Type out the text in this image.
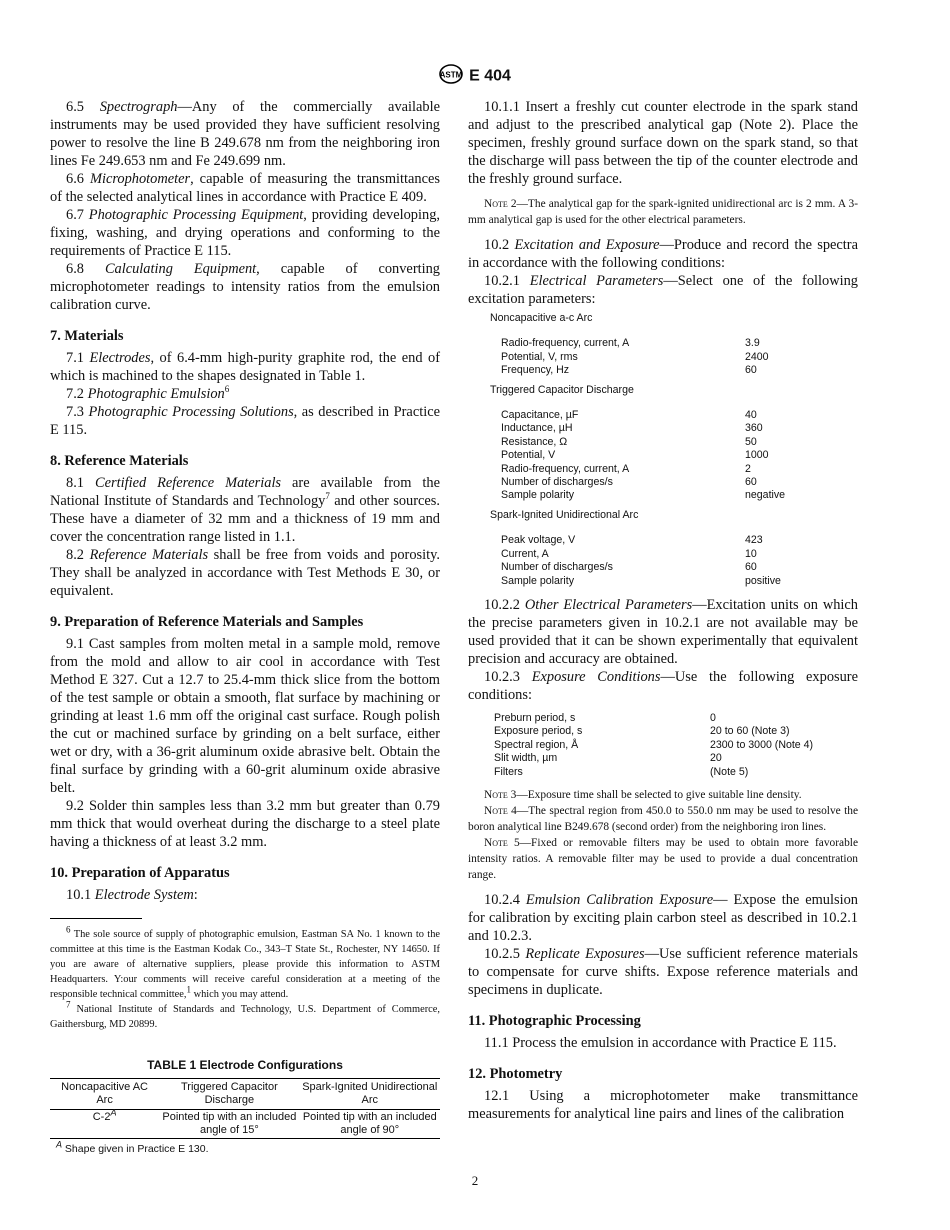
ASTM E 404

6.5 Spectrograph—Any of the commercially available instruments may be used provided they have sufficient resolving power to resolve the line B 249.678 nm from the neighboring iron lines Fe 249.653 nm and Fe 249.699 nm.

6.6 Microphotometer, capable of measuring the transmittances of the selected analytical lines in accordance with Practice E 409.

6.7 Photographic Processing Equipment, providing developing, fixing, washing, and drying operations and conforming to the requirements of Practice E 115.

6.8 Calculating Equipment, capable of converting microphotometer readings to intensity ratios from the emulsion calibration curve.

7. Materials

7.1 Electrodes, of 6.4-mm high-purity graphite rod, the end of which is machined to the shapes designated in Table 1.

7.2 Photographic Emulsion$^6$

7.3 Photographic Processing Solutions, as described in Practice E 115.

8. Reference Materials

8.1 Certified Reference Materials are available from the National Institute of Standards and Technology$^7$ and other sources. These have a diameter of 32 mm and a thickness of 19 mm and cover the concentration range listed in 1.1.

8.2 Reference Materials shall be free from voids and porosity. They shall be analyzed in accordance with Test Methods E 30, or equivalent.

9. Preparation of Reference Materials and Samples

9.1 Cast samples from molten metal in a sample mold, remove from the mold and allow to air cool in accordance with Test Method E 327. Cut a 12.7 to 25.4-mm thick slice from the bottom of the test sample or obtain a smooth, flat surface by machining or grinding at least 1.6 mm off the original cast surface. Rough polish the cut or machined surface by grinding on a belt surface, either wet or dry, with a 36-grit aluminum oxide abrasive belt. Obtain the final surface by grinding with a 60-grit aluminum oxide abrasive belt.

9.2 Solder thin samples less than 3.2 mm but greater than 0.79 mm thick that would overheat during the discharge to a steel plate having a thickness of at least 3.2 mm.

10. Preparation of Apparatus

10.1 Electrode System:

$^6$ The sole source of supply of photographic emulsion, Eastman SA No. 1 known to the committee at this time is the Eastman Kodak Co., 343–T State St., Rochester, NY 14650. If you are aware of alternative suppliers, please provide this information to ASTM Headquarters. Y:our comments will receive careful consideration at a meeting of the responsible technical committee,$^1$ which you may attend.

$^7$ National Institute of Standards and Technology, U.S. Department of Commerce, Gaithersburg, MD 20899.

TABLE 1 Electrode Configurations
Noncapacitive AC Arc	Triggered Capacitor Discharge	Spark-Ignited Unidirectional Arc
$C-2^A$	Pointed tip with an included angle of 15°	Pointed tip with an included angle of 90°
$^A$ Shape given in Practice E 130.

10.1.1 Insert a freshly cut counter electrode in the spark stand and adjust to the prescribed analytical gap (Note 2). Place the specimen, freshly ground surface down on the spark stand, so that the discharge will pass between the tip of the counter electrode and the freshly ground surface.

Note 2—The analytical gap for the spark-ignited unidirectional arc is 2 mm. A 3-mm analytical gap is used for the other electrical parameters.

10.2 Excitation and Exposure—Produce and record the spectra in accordance with the following conditions:

10.2.1 Electrical Parameters—Select one of the following excitation parameters:

Noncapacitive a-c Arc
Radio-frequency, current, A	3.9
Potential, V, rms	2400
Frequency, Hz	60
Triggered Capacitor Discharge
Capacitance, µF	40
Inductance, µH	360
Resistance, Ω	50
Potential, V	1000
Radio-frequency, current, A	2
Number of discharges/s	60
Sample polarity	negative
Spark-Ignited Unidirectional Arc
Peak voltage, V	423
Current, A	10
Number of discharges/s	60
Sample polarity	positive

10.2.2 Other Electrical Parameters—Excitation units on which the precise parameters given in 10.2.1 are not available may be used provided that it can be shown experimentally that equivalent precision and accuracy are obtained.

10.2.3 Exposure Conditions—Use the following exposure conditions:

Preburn period, s	0
Exposure period, s	20 to 60 (Note 3)
Spectral region, Å	2300 to 3000 (Note 4)
Slit width, µm	20
Filters	(Note 5)

Note 3—Exposure time shall be selected to give suitable line density.

Note 4—The spectral region from 450.0 to 550.0 nm may be used to resolve the boron analytical line B249.678 (second order) from the neighboring iron lines.

Note 5—Fixed or removable filters may be used to obtain more favorable intensity ratios. A removable filter may be used to provide a dual concentration range.

10.2.4 Emulsion Calibration Exposure— Expose the emulsion for calibration by exciting plain carbon steel as described in 10.2.1 and 10.2.3.

10.2.5 Replicate Exposures—Use sufficient reference materials to compensate for curve shifts. Expose reference materials and specimens in duplicate.

11. Photographic Processing

11.1 Process the emulsion in accordance with Practice E 115.

12. Photometry

12.1 Using a microphotometer make transmittance measurements for analytical line pairs and lines of the calibration

2
